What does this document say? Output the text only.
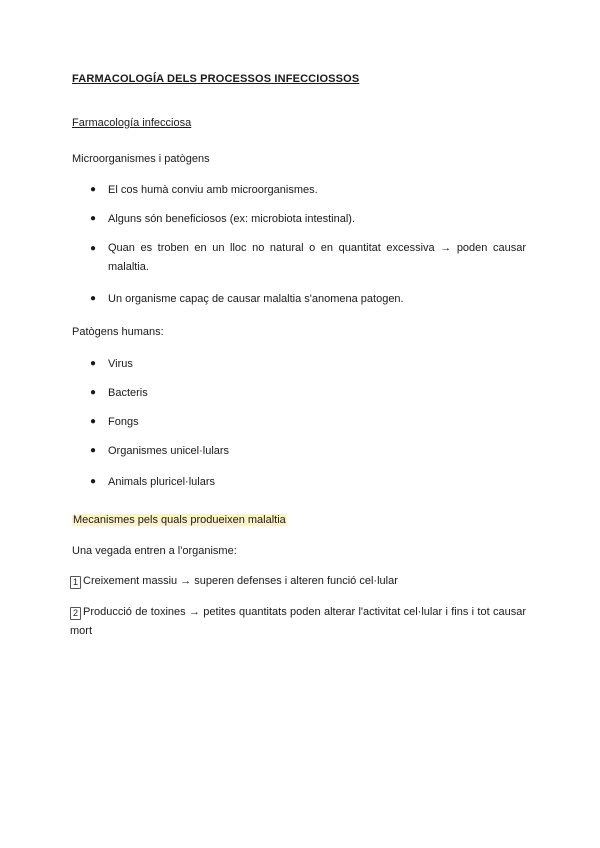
FARMACOLOGÍA DELS PROCESSOS INFECCIOSSOS
Farmacología infecciosa
Microorganismes i patògens
● El cos humà conviu amb microorganismes.
● Alguns són beneficiosos (ex: microbiota intestinal).
● Quan es troben en un lloc no natural o en quantitat excessiva → poden causar malaltia.
● Un organisme capaç de causar malaltia s'anomena patogen.
Patògens humans:
● Virus
● Bacteris
● Fongs
● Organismes unicel·lulars
● Animals pluricel·lulars
Mecanismes pels quals produeixen malaltia
Una vegada entren a l'organisme:
1 Creixement massiu → superen defenses i alteren funció cel·lular
2 Producció de toxines → petites quantitats poden alterar l'activitat cel·lular i fins i tot causar mort
